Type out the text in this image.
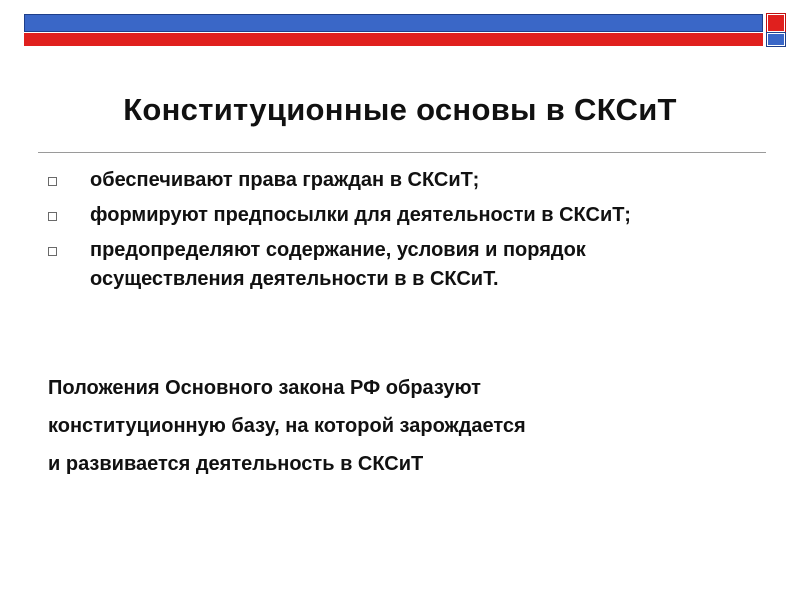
Конституционные основы в СКСиТ
обеспечивают права граждан в СКСиТ;
формируют предпосылки для деятельности в СКСиТ;
предопределяют содержание, условия и порядок осуществления деятельности в в СКСиТ.

Положения Основного закона РФ образуют
конституционную базу, на которой зарождается
и развивается деятельность в СКСиТ
